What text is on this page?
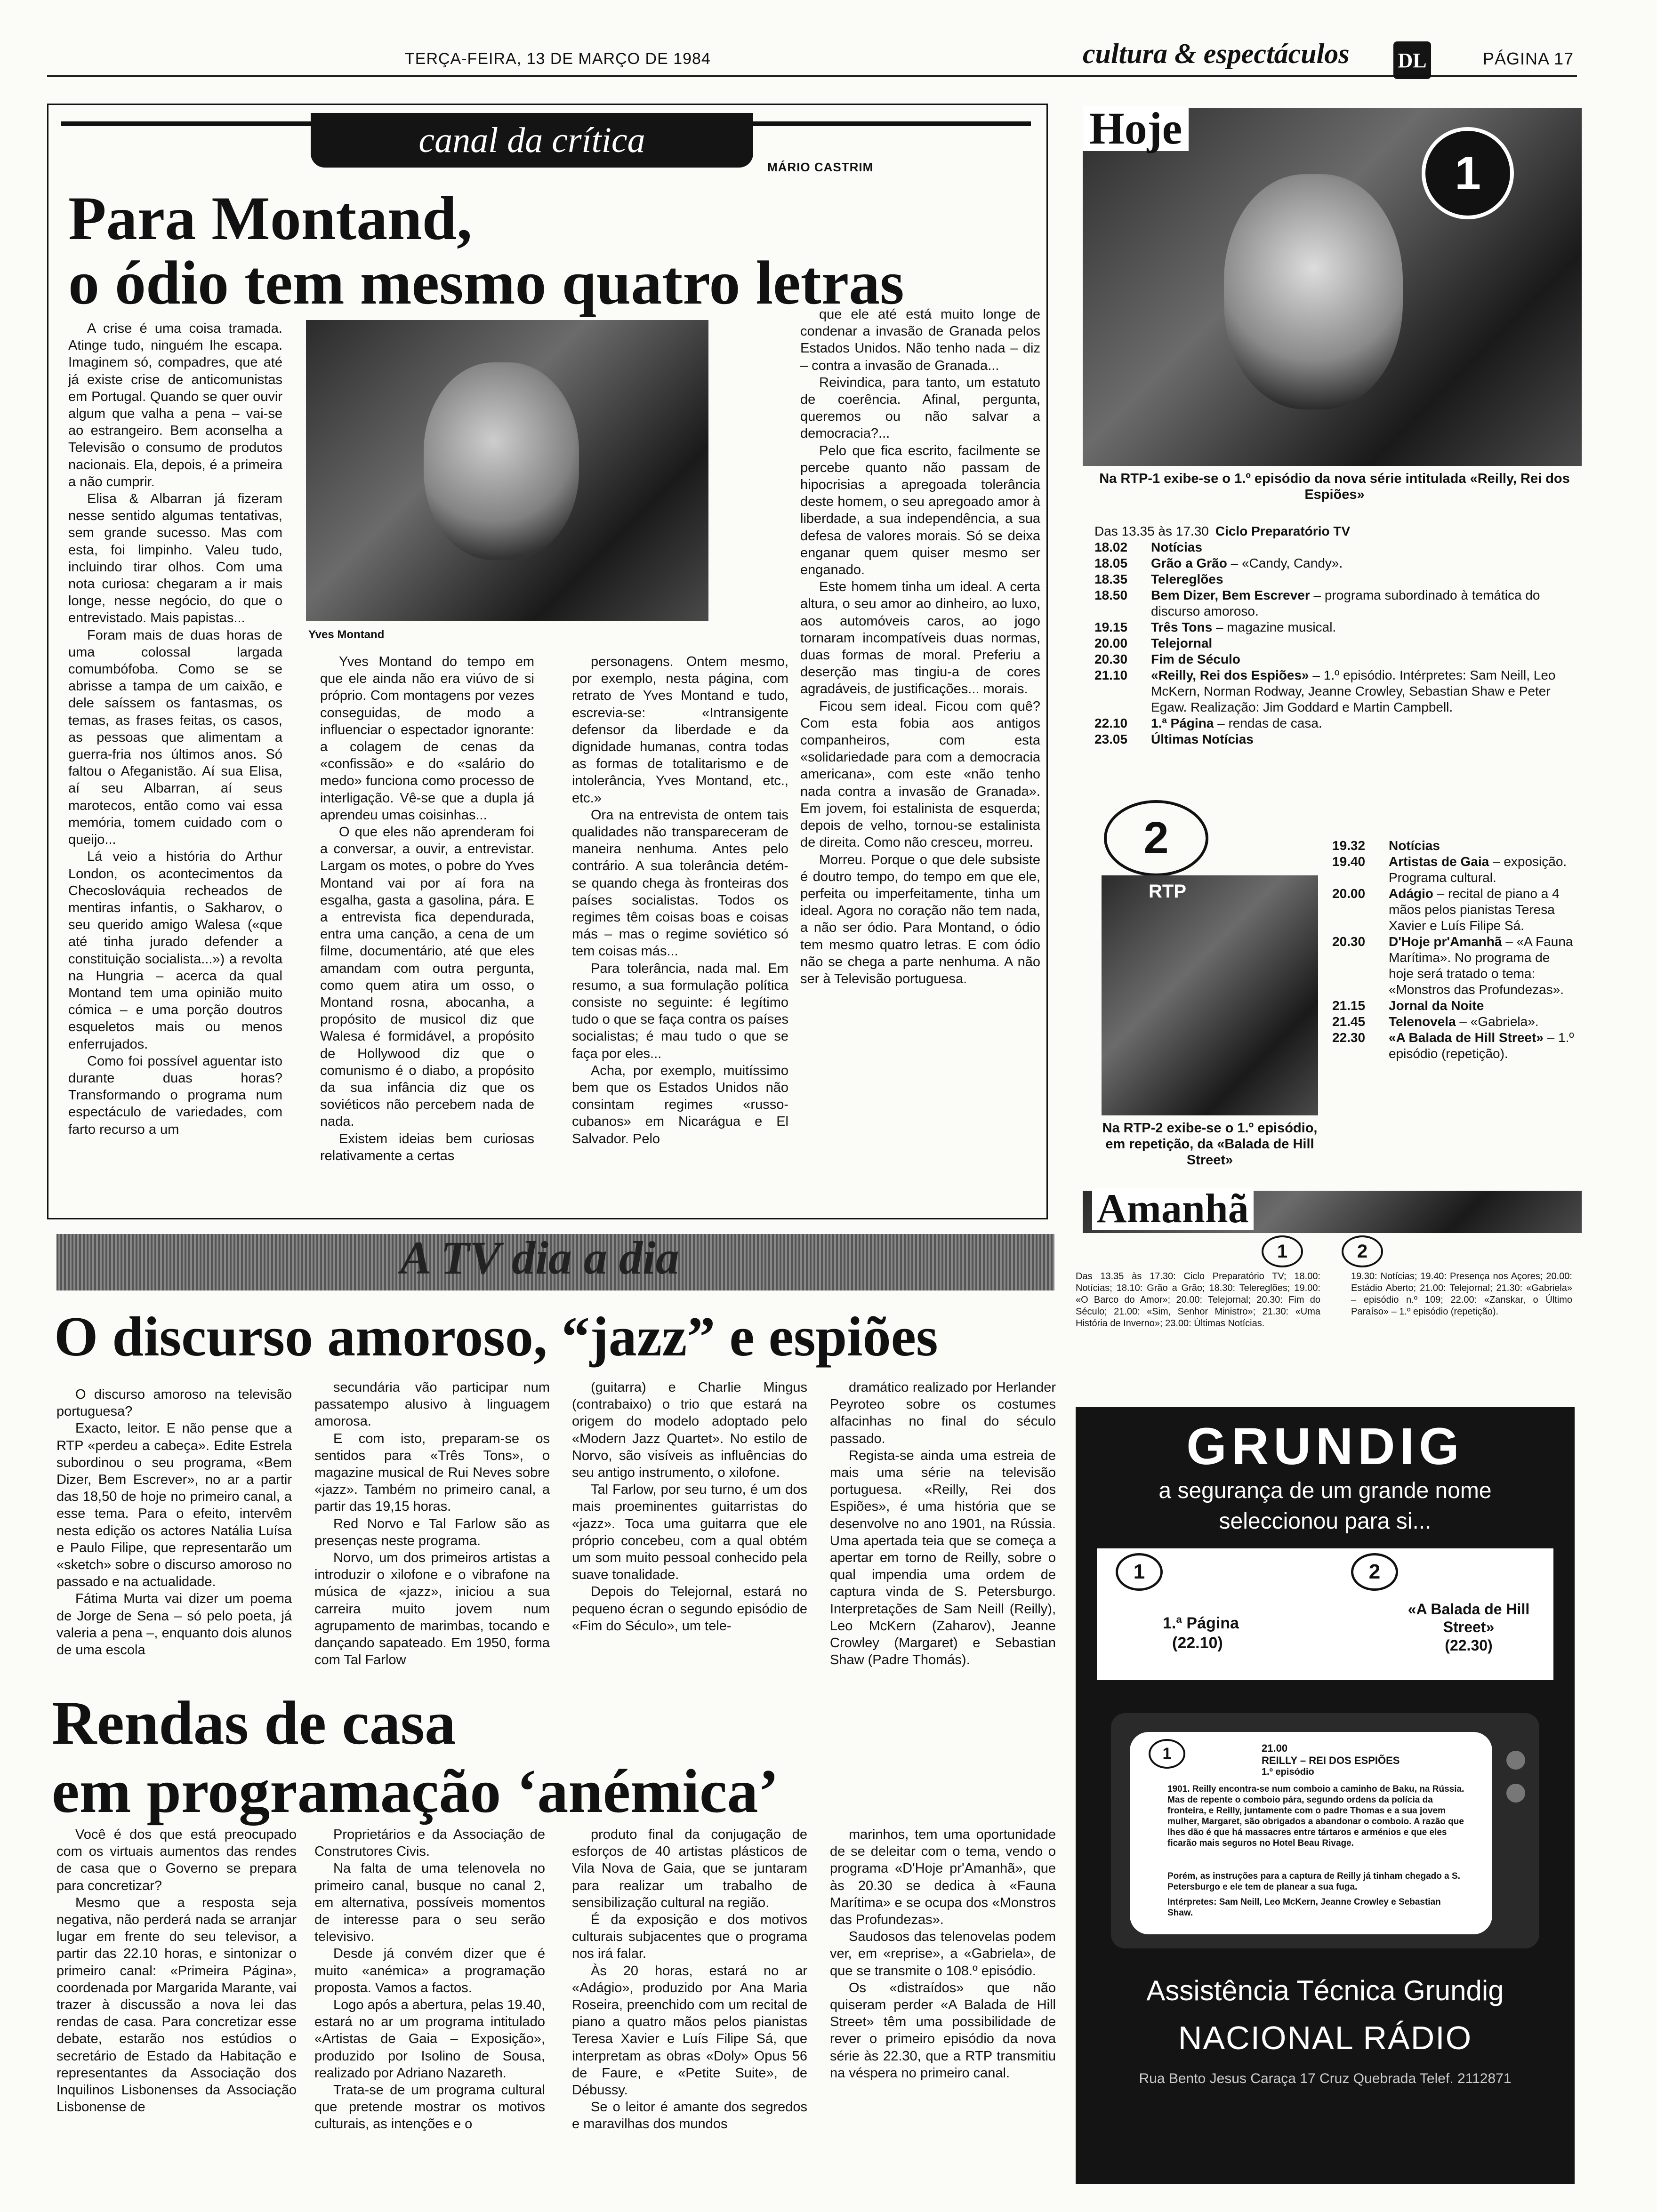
TERÇA-FEIRA, 13 DE MARÇO DE 1984	cultura & espectáculos DL	PÁGINA 17
canal da crítica
MÁRIO CASTRIM
Para Montand,
o ódio tem mesmo quatro letras

A crise é uma coisa tramada. Atinge tudo, ninguém lhe escapa. Imaginem só, compadres, que até já existe crise de anticomunistas em Portugal. Quando se quer ouvir algum que valha a pena – vai-se ao estrangeiro. Bem aconselha a Televisão o consumo de produtos nacionais. Ela, depois, é a primeira a não cumprir.

Elisa & Albarran já fizeram nesse sentido algumas tentativas, sem grande sucesso. Mas com esta, foi limpinho. Valeu tudo, incluindo tirar olhos. Com uma nota curiosa: chegaram a ir mais longe, nesse negócio, do que o entrevistado. Mais papistas...

Foram mais de duas horas de uma colossal largada comumbófoba. Como se se abrisse a tampa de um caixão, e dele saíssem os fantasmas, os temas, as frases feitas, os casos, as pessoas que alimentam a guerra-fria nos últimos anos. Só faltou o Afeganistão. Aí sua Elisa, aí seu Albarran, aí seus marotecos, então como vai essa memória, tomem cuidado com o queijo...

Lá veio a história do Arthur London, os acontecimentos da Checoslováquia recheados de mentiras infantis, o Sakharov, o seu querido amigo Walesa («que até tinha jurado defender a constituição socialista...») a revolta na Hungria – acerca da qual Montand tem uma opinião muito cómica – e uma porção doutros esqueletos mais ou menos enferrujados.

Como foi possível aguentar isto durante duas horas? Transformando o programa num espectáculo de variedades, com farto recurso a um

Yves Montand

Yves Montand do tempo em que ele ainda não era viúvo de si próprio. Com montagens por vezes conseguidas, de modo a influenciar o espectador ignorante: a colagem de cenas da «confissão» e do «salário do medo» funciona como processo de interligação. Vê-se que a dupla já aprendeu umas coisinhas...

O que eles não aprenderam foi a conversar, a ouvir, a entrevistar. Largam os motes, o pobre do Yves Montand vai por aí fora na esgalha, gasta a gasolina, pára. E a entrevista fica dependurada, entra uma canção, a cena de um filme, documentário, até que eles amandam com outra pergunta, como quem atira um osso, o Montand rosna, abocanha, a propósito de musicol diz que Walesa é formidável, a propósito de Hollywood diz que o comunismo é o diabo, a propósito da sua infância diz que os soviéticos não percebem nada de nada.

Existem ideias bem curiosas relativamente a certas

personagens. Ontem mesmo, por exemplo, nesta página, com retrato de Yves Montand e tudo, escrevia-se: «Intransigente defensor da liberdade e da dignidade humanas, contra todas as formas de totalitarismo e de intolerância, Yves Montand, etc., etc.»

Ora na entrevista de ontem tais qualidades não transpareceram de maneira nenhuma. Antes pelo contrário. A sua tolerância detém-se quando chega às fronteiras dos países socialistas. Todos os regimes têm coisas boas e coisas más – mas o regime soviético só tem coisas más...

Para tolerância, nada mal. Em resumo, a sua formulação política consiste no seguinte: é legítimo tudo o que se faça contra os países socialistas; é mau tudo o que se faça por eles...

Acha, por exemplo, muitíssimo bem que os Estados Unidos não consintam regimes «russo-cubanos» em Nicarágua e El Salvador. Pelo

que ele até está muito longe de condenar a invasão de Granada pelos Estados Unidos. Não tenho nada – diz – contra a invasão de Granada...

Reivindica, para tanto, um estatuto de coerência. Afinal, pergunta, queremos ou não salvar a democracia?...

Pelo que fica escrito, facilmente se percebe quanto não passam de hipocrisias a apregoada tolerância deste homem, o seu apregoado amor à liberdade, a sua independência, a sua defesa de valores morais. Só se deixa enganar quem quiser mesmo ser enganado.

Este homem tinha um ideal. A certa altura, o seu amor ao dinheiro, ao luxo, aos automóveis caros, ao jogo tornaram incompatíveis duas normas, duas formas de moral. Preferiu a deserção mas tingiu-a de cores agradáveis, de justificações... morais.

Ficou sem ideal. Ficou com quê? Com esta fobia aos antigos companheiros, com esta «solidariedade para com a democracia americana», com este «não tenho nada contra a invasão de Granada». Em jovem, foi estalinista de esquerda; depois de velho, tornou-se estalinista de direita. Como não cresceu, morreu.

Morreu. Porque o que dele subsiste é doutro tempo, do tempo em que ele, perfeita ou imperfeitamente, tinha um ideal. Agora no coração não tem nada, a não ser ódio. Para Montand, o ódio tem mesmo quatro letras. E com ódio não se chega a parte nenhuma. A não ser à Televisão portuguesa.

Hoje
1
Na RTP-1 exibe-se o 1.º episódio da nova série intitulada «Reilly, Rei dos Espiões»
Das 13.35 às 17.30 Ciclo Preparatório TV
18.02	Notícias
18.05	Grão a Grão – «Candy, Candy».
18.35	Telereglões
18.50	Bem Dizer, Bem Escrever – programa subordinado à temática do discurso amoroso.
19.15	Três Tons – magazine musical.
20.00	Telejornal
20.30	Fim de Século
21.10	«Reilly, Rei dos Espiões» – 1.º episódio. Intérpretes: Sam Neill, Leo McKern, Norman Rodway, Jeanne Crowley, Sebastian Shaw e Peter Egaw. Realização: Jim Goddard e Martin Campbell.
22.10	1.ª Página – rendas de casa.
23.05	Últimas Notícias
2
RTP
Na RTP-2 exibe-se o 1.º episódio, em repetição, da «Balada de Hill Street»
19.32	Notícias
19.40	Artistas de Gaia – exposição. Programa cultural.
20.00	Adágio – recital de piano a 4 mãos pelos pianistas Teresa Xavier e Luís Filipe Sá.
20.30	D'Hoje pr'Amanhã – «A Fauna Marítima». No programa de hoje será tratado o tema: «Monstros das Profundezas».
21.15	Jornal da Noite
21.45	Telenovela – «Gabriela».
22.30	«A Balada de Hill Street» – 1.º episódio (repetição).
Amanhã
1	2
Das 13.35 às 17.30: Ciclo Preparatório TV; 18.00: Notícias; 18.10: Grão a Grão; 18.30: Telereglões; 19.00: «O Barco do Amor»; 20.00: Telejornal; 20.30: Fim do Século; 21.00: «Sim, Senhor Ministro»; 21.30: «Uma História de Inverno»; 23.00: Últimas Notícias.
19.30: Notícias; 19.40: Presença nos Açores; 20.00: Estádio Aberto; 21.00: Telejornal; 21.30: «Gabriela» – episódio n.º 109; 22.00: «Zanskar, o Último Paraíso» – 1.º episódio (repetição).
A TV dia a dia
O discurso amoroso, “jazz” e espiões

O discurso amoroso na televisão portuguesa?

Exacto, leitor. E não pense que a RTP «perdeu a cabeça». Edite Estrela subordinou o seu programa, «Bem Dizer, Bem Escrever», no ar a partir das 18,50 de hoje no primeiro canal, a esse tema. Para o efeito, intervêm nesta edição os actores Natália Luísa e Paulo Filipe, que representarão um «sketch» sobre o discurso amoroso no passado e na actualidade.

Fátima Murta vai dizer um poema de Jorge de Sena – só pelo poeta, já valeria a pena –, enquanto dois alunos de uma escola

secundária vão participar num passatempo alusivo à linguagem amorosa.

E com isto, preparam-se os sentidos para «Três Tons», o magazine musical de Rui Neves sobre «jazz». Também no primeiro canal, a partir das 19,15 horas.

Red Norvo e Tal Farlow são as presenças neste programa.

Norvo, um dos primeiros artistas a introduzir o xilofone e o vibrafone na música de «jazz», iniciou a sua carreira muito jovem num agrupamento de marimbas, tocando e dançando sapateado. Em 1950, forma com Tal Farlow

(guitarra) e Charlie Mingus (contrabaixo) o trio que estará na origem do modelo adoptado pelo «Modern Jazz Quartet». No estilo de Norvo, são visíveis as influências do seu antigo instrumento, o xilofone.

Tal Farlow, por seu turno, é um dos mais proeminentes guitarristas do «jazz». Toca uma guitarra que ele próprio concebeu, com a qual obtém um som muito pessoal conhecido pela suave tonalidade.

Depois do Telejornal, estará no pequeno écran o segundo episódio de «Fim do Século», um tele-

dramático realizado por Herlander Peyroteo sobre os costumes alfacinhas no final do século passado.

Regista-se ainda uma estreia de mais uma série na televisão portuguesa. «Reilly, Rei dos Espiões», é uma história que se desenvolve no ano 1901, na Rússia. Uma apertada teia que se começa a apertar em torno de Reilly, sobre o qual impendia uma ordem de captura vinda de S. Petersburgo. Interpretações de Sam Neill (Reilly), Leo McKern (Zaharov), Jeanne Crowley (Margaret) e Sebastian Shaw (Padre Thomás).

Rendas de casa
em programação ‘anémica’

Você é dos que está preocupado com os virtuais aumentos das rendes de casa que o Governo se prepara para concretizar?

Mesmo que a resposta seja negativa, não perderá nada se arranjar lugar em frente do seu televisor, a partir das 22.10 horas, e sintonizar o primeiro canal: «Primeira Página», coordenada por Margarida Marante, vai trazer à discussão a nova lei das rendas de casa. Para concretizar esse debate, estarão nos estúdios o secretário de Estado da Habitação e representantes da Associação dos Inquilinos Lisbonenses da Associação Lisbonense de

Proprietários e da Associação de Construtores Civis.

Na falta de uma telenovela no primeiro canal, busque no canal 2, em alternativa, possíveis momentos de interesse para o seu serão televisivo.

Desde já convém dizer que é muito «anémica» a programação proposta. Vamos a factos.

Logo após a abertura, pelas 19.40, estará no ar um programa intitulado «Artistas de Gaia – Exposição», produzido por Isolino de Sousa, realizado por Adriano Nazareth.

Trata-se de um programa cultural que pretende mostrar os motivos culturais, as intenções e o

produto final da conjugação de esforços de 40 artistas plásticos de Vila Nova de Gaia, que se juntaram para realizar um trabalho de sensibilização cultural na região.

É da exposição e dos motivos culturais subjacentes que o programa nos irá falar.

Às 20 horas, estará no ar «Adágio», produzido por Ana Maria Roseira, preenchido com um recital de piano a quatro mãos pelos pianistas Teresa Xavier e Luís Filipe Sá, que interpretam as obras «Doly» Opus 56 de Faure, e «Petite Suite», de Débussy.

Se o leitor é amante dos segredos e maravilhas dos mundos

marinhos, tem uma oportunidade de se deleitar com o tema, vendo o programa «D'Hoje pr'Amanhã», que às 20.30 se dedica à «Fauna Marítima» e se ocupa dos «Monstros das Profundezas».

Saudosos das telenovelas podem ver, em «reprise», a «Gabriela», de que se transmite o 108.º episódio.

Os «distraídos» que não quiseram perder «A Balada de Hill Street» têm uma possibilidade de rever o primeiro episódio da nova série às 22.30, que a RTP transmitiu na véspera no primeiro canal.

GRUNDIG
a segurança de um grande nome
seleccionou para si...
1	2
1.ª Página
(22.10)
«A Balada de Hill Street»
(22.30)
1	21.00
REILLY – REI DOS ESPIÕES
1.º episódio
1901. Reilly encontra-se num comboio a caminho de Baku, na Rússia. Mas de repente o comboio pára, segundo ordens da polícia da fronteira, e Reilly, juntamente com o padre Thomas e a sua jovem mulher, Margaret, são obrigados a abandonar o comboio. A razão que lhes dão é que há massacres entre tártaros e arménios e que eles ficarão mais seguros no Hotel Beau Rivage.
Porém, as instruções para a captura de Reilly já tinham chegado a S. Petersburgo e ele tem de planear a sua fuga.
Intérpretes: Sam Neill, Leo McKern, Jeanne Crowley e Sebastian Shaw.
Assistência Técnica Grundig
NACIONAL RÁDIO
Rua Bento Jesus Caraça 17 Cruz Quebrada Telef. 2112871
